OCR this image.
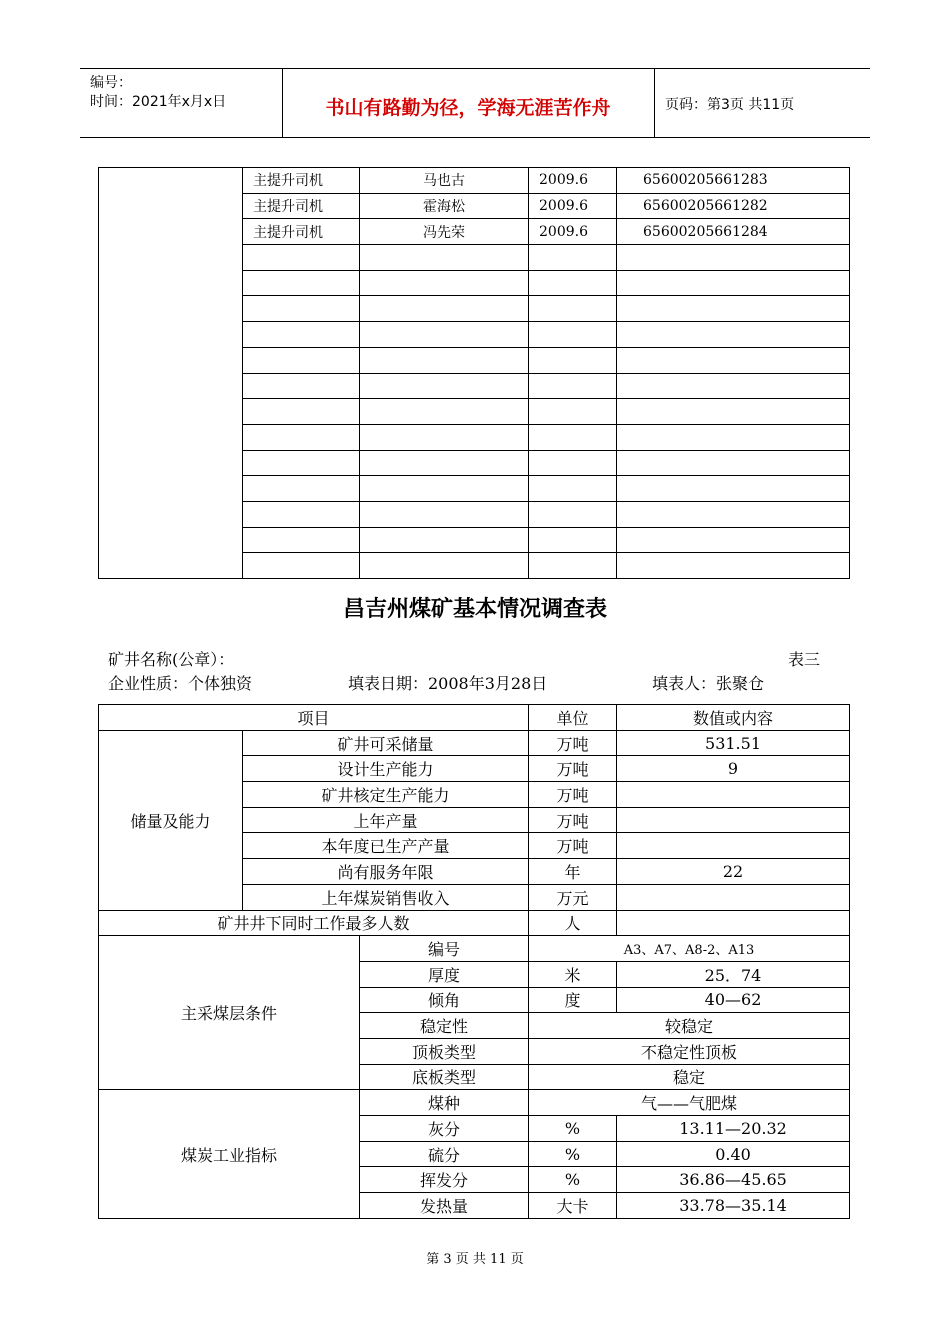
编号：
时间：2021年x月x日	书山有路勤为径，学海无涯苦作舟	页码：第3页 共11页
	主提升司机	马也古	2009.6	65600205661283
	主提升司机	霍海松	2009.6	65600205661282
	主提升司机	冯先荣	2009.6	65600205661284

昌吉州煤矿基本情况调查表
矿井名称(公章）：	表三
企业性质：个体独资	填表日期：2008年3月28日	填表人：张聚仓
项目			单位	数值或内容
储量及能力	矿井可采储量		万吨	531.51
	设计生产能力		万吨	9
	矿井核定生产能力		万吨	
	上年产量		万吨	
	本年度已生产产量		万吨	
	尚有服务年限		年	22
	上年煤炭销售收入		万元	
矿井井下同时工作最多人数			人	
主采煤层条件		编号	A3、A7、A8-2、A13	
		厚度	米	25．74
		倾角	度	40—62
		稳定性	较稳定	
		顶板类型	不稳定性顶板	
		底板类型	稳定	
煤炭工业指标		煤种	气——气肥煤	
		灰分	%	13.11—20.32
		硫分	%	0.40
		挥发分	%	36.86—45.65
		发热量	大卡	33.78—35.14
第 3 页 共 11 页
